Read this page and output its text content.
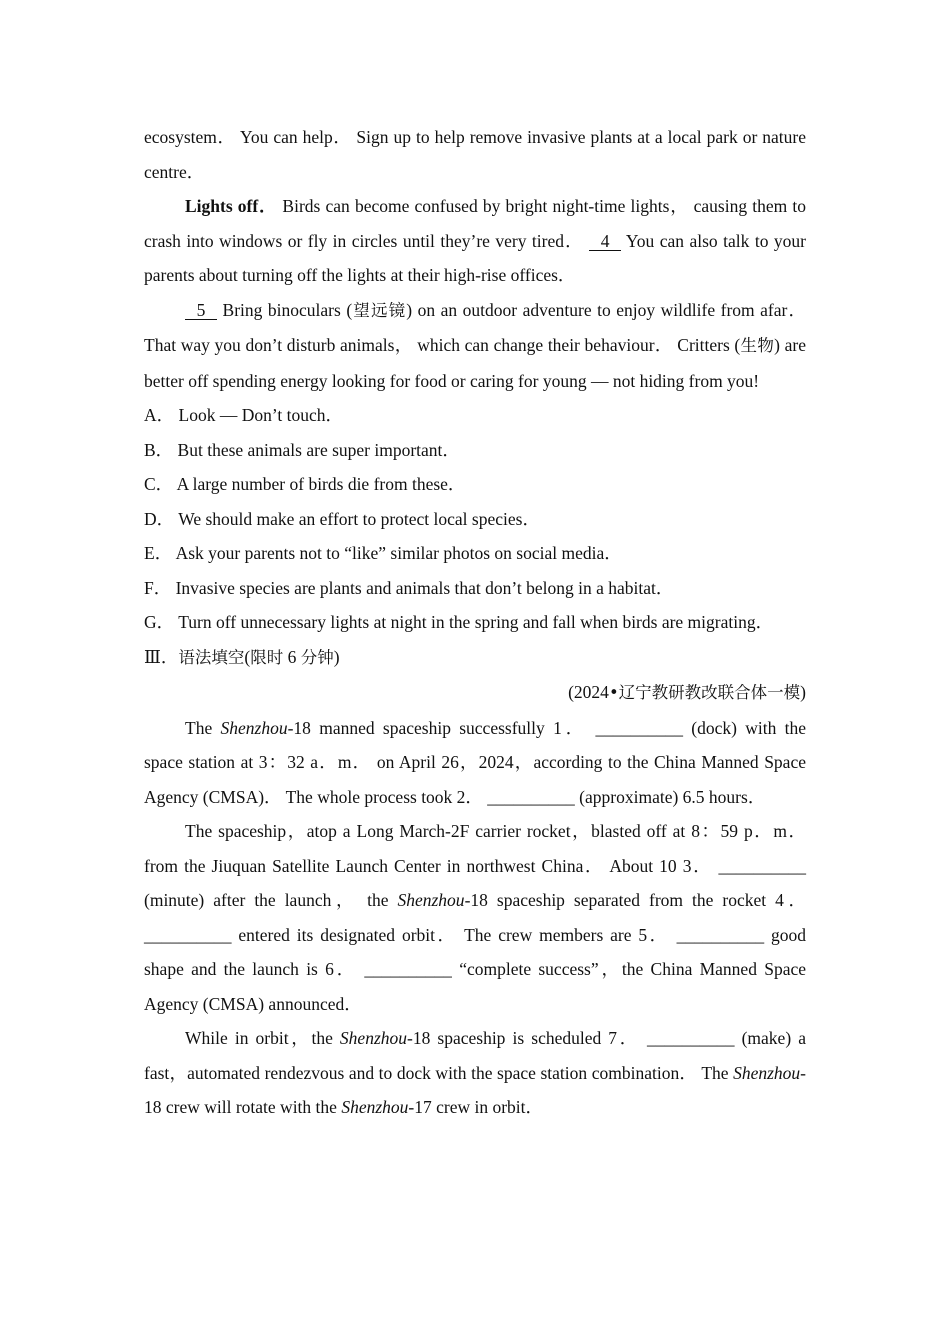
ecosystem． You can help． Sign up to help remove invasive plants at a local park or nature centre．

Lights off． Birds can become confused by bright night-time lights， causing them to crash into windows or fly in circles until they’re very tired． 4 You can also talk to your parents about turning off the lights at their high-rise offices．

5 Bring binoculars (望远镜) on an outdoor adventure to enjoy wildlife from afar． That way you don’t disturb animals， which can change their behaviour． Critters (生物) are better off spending energy looking for food or caring for young — not hiding from you!

A． Look — Don’t touch．

B． But these animals are super important．

C． A large number of birds die from these．

D． We should make an effort to protect local species．

E． Ask your parents not to “like” similar photos on social media．

F． Invasive species are plants and animals that don’t belong in a habitat．

G． Turn off unnecessary lights at night in the spring and fall when birds are migrating．

Ⅲ．语法填空(限时 6 分钟)

(2024•辽宁教研教改联合体一模)

The Shenzhou-18 manned spaceship successfully 1． __________ (dock) with the space station at 3：32 a．m． on April 26，2024，according to the China Manned Space Agency (CMSA)． The whole process took 2． __________ (approximate) 6.5 hours．

The spaceship，atop a Long March-2F carrier rocket，blasted off at 8：59 p．m． from the Jiuquan Satellite Launch Center in northwest China． About 10 3． __________ (minute) after the launch， the Shenzhou-18 spaceship separated from the rocket 4． __________ entered its designated orbit． The crew members are 5． __________ good shape and the launch is 6． __________ “complete success”，the China Manned Space Agency (CMSA) announced．

While in orbit，the Shenzhou-18 spaceship is scheduled 7． __________ (make) a fast，automated rendezvous and to dock with the space station combination． The Shenzhou-18 crew will rotate with the Shenzhou-17 crew in orbit．
